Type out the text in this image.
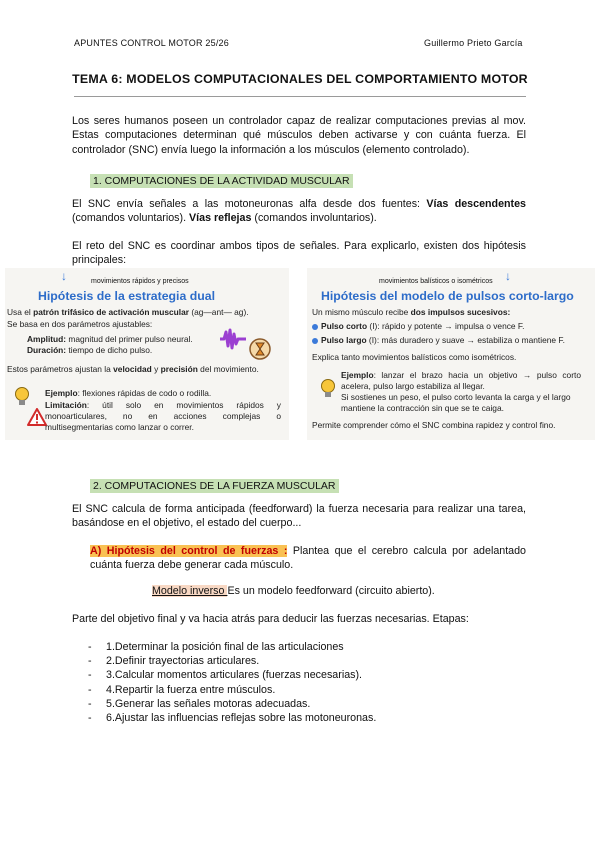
APUNTES CONTROL MOTOR 25/26	Guillermo Prieto García
TEMA 6: MODELOS COMPUTACIONALES DEL COMPORTAMIENTO MOTOR
Los seres humanos poseen un controlador capaz de realizar computaciones previas al mov. Estas computaciones determinan qué músculos deben activarse y con cuánta fuerza. El controlador (SNC) envía luego la información a los músculos (elemento controlado).
1. COMPUTACIONES DE LA ACTIVIDAD MUSCULAR
El SNC envía señales a las motoneuronas alfa desde dos fuentes: Vías descendentes (comandos voluntarios). Vías reflejas (comandos involuntarios).
El reto del SNC es coordinar ambos tipos de señales. Para explicarlo, existen dos hipótesis principales:
↓	movimientos rápidos y precisos
Hipótesis de la estrategia dual
Usa el patrón trifásico de activación muscular (ag—ant— ag).
Se basa en dos parámetros ajustables:
Amplitud: magnitud del primer pulso neural.
Duración: tiempo de dicho pulso.
Estos parámetros ajustan la velocidad y precisión del movimiento.
Ejemplo: flexiones rápidas de codo o rodilla.
Limitación: útil solo en movimientos rápidos y monoarticulares, no en acciones complejas o multisegmentarias como lanzar o correr.
movimientos balísticos o isométricos ↓
Hipótesis del modelo de pulsos corto-largo
Un mismo músculo recibe dos impulsos sucesivos:
Pulso corto (I): rápido y potente → impulsa o vence F.
Pulso largo (I): más duradero y suave → estabiliza o mantiene F.
Explica tanto movimientos balísticos como isométricos.
Ejemplo: lanzar el brazo hacia un objetivo → pulso corto acelera, pulso largo estabiliza al llegar.
Si sostienes un peso, el pulso corto levanta la carga y el largo mantiene la contracción sin que se te caiga.
Permite comprender cómo el SNC combina rapidez y control fino.
2. COMPUTACIONES DE LA FUERZA MUSCULAR
El SNC calcula de forma anticipada (feedforward) la fuerza necesaria para realizar una tarea, basándose en el objetivo, el estado del cuerpo...
A) Hipótesis del control de fuerzas : Plantea que el cerebro calcula por adelantado cuánta fuerza debe generar cada músculo.
Modelo inverso Es un modelo feedforward (circuito abierto).
Parte del objetivo final y va hacia atrás para deducir las fuerzas necesarias. Etapas:
- 1.Determinar la posición final de las articulaciones
- 2.Definir trayectorias articulares.
- 3.Calcular momentos articulares (fuerzas necesarias).
- 4.Repartir la fuerza entre músculos.
- 5.Generar las señales motoras adecuadas.
- 6.Ajustar las influencias reflejas sobre las motoneuronas.
